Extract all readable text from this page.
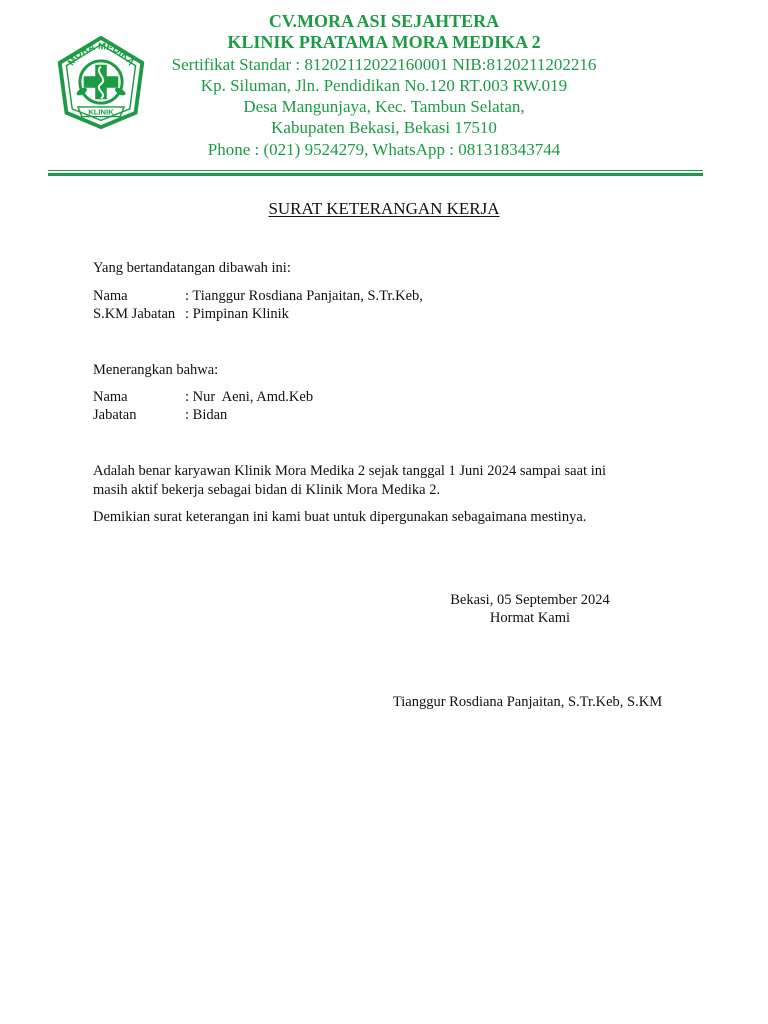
MORA MEDIKA
KLINIK
CV.MORA ASI SEJAHTERA
KLINIK PRATAMA MORA MEDIKA 2
Sertifikat Standar : 81202112022160001 NIB:8120211202216
Kp. Siluman, Jln. Pendidikan No.120 RT.003 RW.019
Desa Mangunjaya, Kec. Tambun Selatan,
Kabupaten Bekasi, Bekasi 17510
Phone : (021) 9524279, WhatsApp : 081318343744
SURAT KETERANGAN KERJA
Yang bertandatangan dibawah ini:
Nama	: Tianggur Rosdiana Panjaitan, S.Tr.Keb,
S.KM Jabatan : Pimpinan Klinik
Menerangkan bahwa:
Nama	: Nur  Aeni, Amd.Keb
Jabatan	: Bidan
Adalah benar karyawan Klinik Mora Medika 2 sejak tanggal 1 Juni 2024 sampai saat ini
masih aktif bekerja sebagai bidan di Klinik Mora Medika 2.
Demikian surat keterangan ini kami buat untuk dipergunakan sebagaimana mestinya.
Bekasi, 05 September 2024
Hormat Kami
Tianggur Rosdiana Panjaitan, S.Tr.Keb, S.KM
